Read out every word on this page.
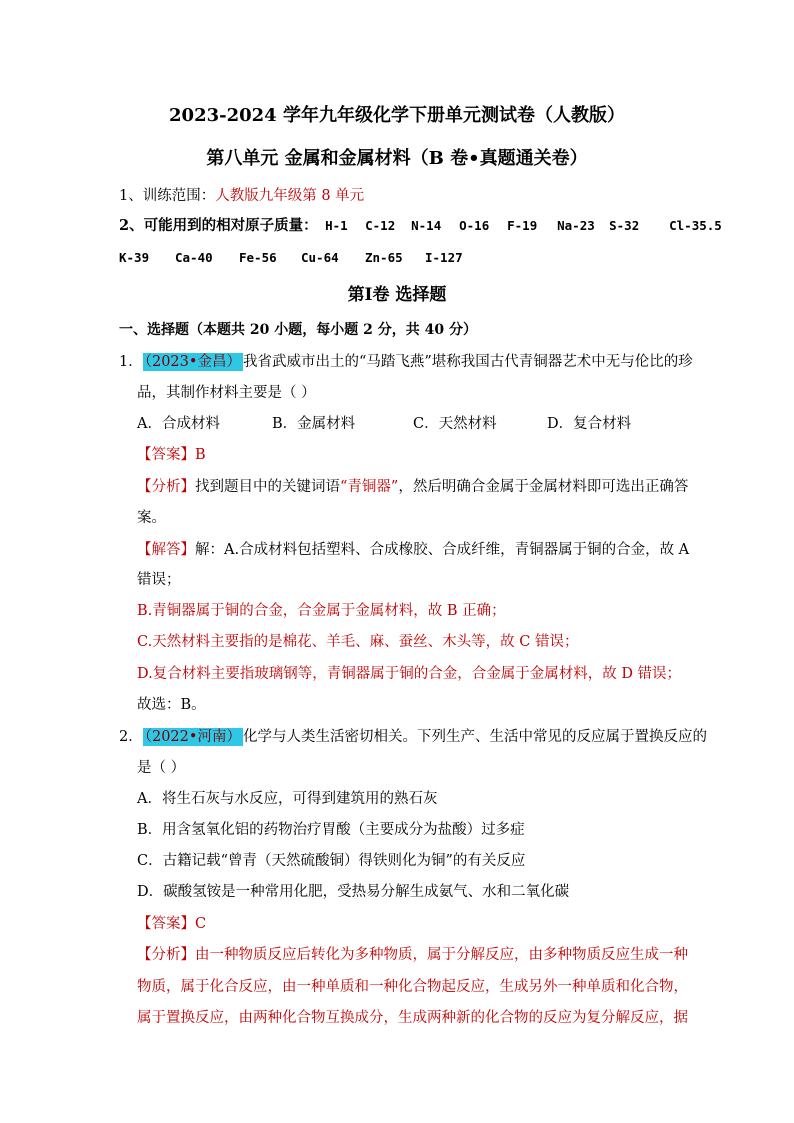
2023-2024 学年九年级化学下册单元测试卷（人教版）
第八单元 金属和金属材料（B 卷•真题通关卷）
1、训练范围：人教版九年级第 8 单元
2、可能用到的相对原子质量： H-1 C-12 N-14 O-16 F-19 Na-23 S-32 Cl-35.5
K-39 Ca-40 Fe-56 Cu-64 Zn-65 I-127
第Ⅰ卷 选择题
一、选择题（本题共 20 小题，每小题 2 分，共 40 分）
1． （2023•金昌） 我省武威市出土的“马踏飞燕”堪称我国古代青铜器艺术中无与伦比的珍
品，其制作材料主要是（ ）
A．合成材料	B．金属材料	C．天然材料	D．复合材料
【答案】B
【分析】找到题目中的关键词语“青铜器”，然后明确合金属于金属材料即可选出正确答
案。
【解答】解：A.合成材料包括塑料、合成橡胶、合成纤维，青铜器属于铜的合金，故 A
错误；
B.青铜器属于铜的合金，合金属于金属材料，故 B 正确；
C.天然材料主要指的是棉花、羊毛、麻、蚕丝、木头等，故 C 错误；
D.复合材料主要指玻璃钢等，青铜器属于铜的合金，合金属于金属材料，故 D 错误；
故选：B。
2． （2022•河南） 化学与人类生活密切相关。下列生产、生活中常见的反应属于置换反应的
是（ ）
A．将生石灰与水反应，可得到建筑用的熟石灰
B．用含氢氧化铝的药物治疗胃酸（主要成分为盐酸）过多症
C．古籍记载“曾青（天然硫酸铜）得铁则化为铜”的有关反应
D．碳酸氢铵是一种常用化肥，受热易分解生成氨气、水和二氧化碳
【答案】C
【分析】由一种物质反应后转化为多种物质，属于分解反应，由多种物质反应生成一种
物质，属于化合反应，由一种单质和一种化合物起反应，生成另外一种单质和化合物，
属于置换反应，由两种化合物互换成分，生成两种新的化合物的反应为复分解反应，据
